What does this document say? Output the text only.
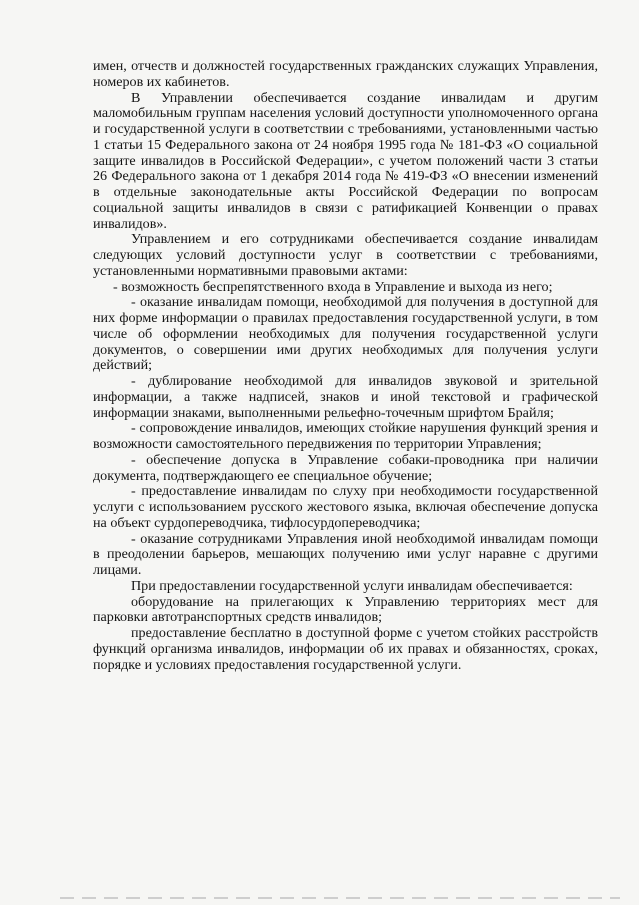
имен, отчеств и должностей государственных гражданских служащих Управления, номеров их кабинетов.

В Управлении обеспечивается создание инвалидам и другим маломобильным группам населения условий доступности уполномоченного органа и государственной услуги в соответствии с требованиями, установленными частью 1 статьи 15 Федерального закона от 24 ноября 1995 года № 181-ФЗ «О социальной защите инвалидов в Российской Федерации», с учетом положений части 3 статьи 26 Федерального закона от 1 декабря 2014 года № 419-ФЗ «О внесении изменений в отдельные законодательные акты Российской Федерации по вопросам социальной защиты инвалидов в связи с ратификацией Конвенции о правах инвалидов».

Управлением и его сотрудниками обеспечивается создание инвалидам следующих условий доступности услуг в соответствии с требованиями, установленными нормативными правовыми актами:

- возможность беспрепятственного входа в Управление и выхода из него;

- оказание инвалидам помощи, необходимой для получения в доступной для них форме информации о правилах предоставления государственной услуги, в том числе об оформлении необходимых для получения государственной услуги документов, о совершении ими других необходимых для получения услуги действий;

- дублирование необходимой для инвалидов звуковой и зрительной информации, а также надписей, знаков и иной текстовой и графической информации знаками, выполненными рельефно-точечным шрифтом Брайля;

- сопровождение инвалидов, имеющих стойкие нарушения функций зрения и возможности самостоятельного передвижения по территории Управления;

- обеспечение допуска в Управление собаки-проводника при наличии документа, подтверждающего ее специальное обучение;

- предоставление инвалидам по слуху при необходимости государственной услуги с использованием русского жестового языка, включая обеспечение допуска на объект сурдопереводчика, тифлосурдопереводчика;

- оказание сотрудниками Управления иной необходимой инвалидам помощи в преодолении барьеров, мешающих получению ими услуг наравне с другими лицами.

При предоставлении государственной услуги инвалидам обеспечивается:

оборудование на прилегающих к Управлению территориях мест для парковки автотранспортных средств инвалидов;

предоставление бесплатно в доступной форме с учетом стойких расстройств функций организма инвалидов, информации об их правах и обязанностях, сроках, порядке и условиях предоставления государственной услуги.
